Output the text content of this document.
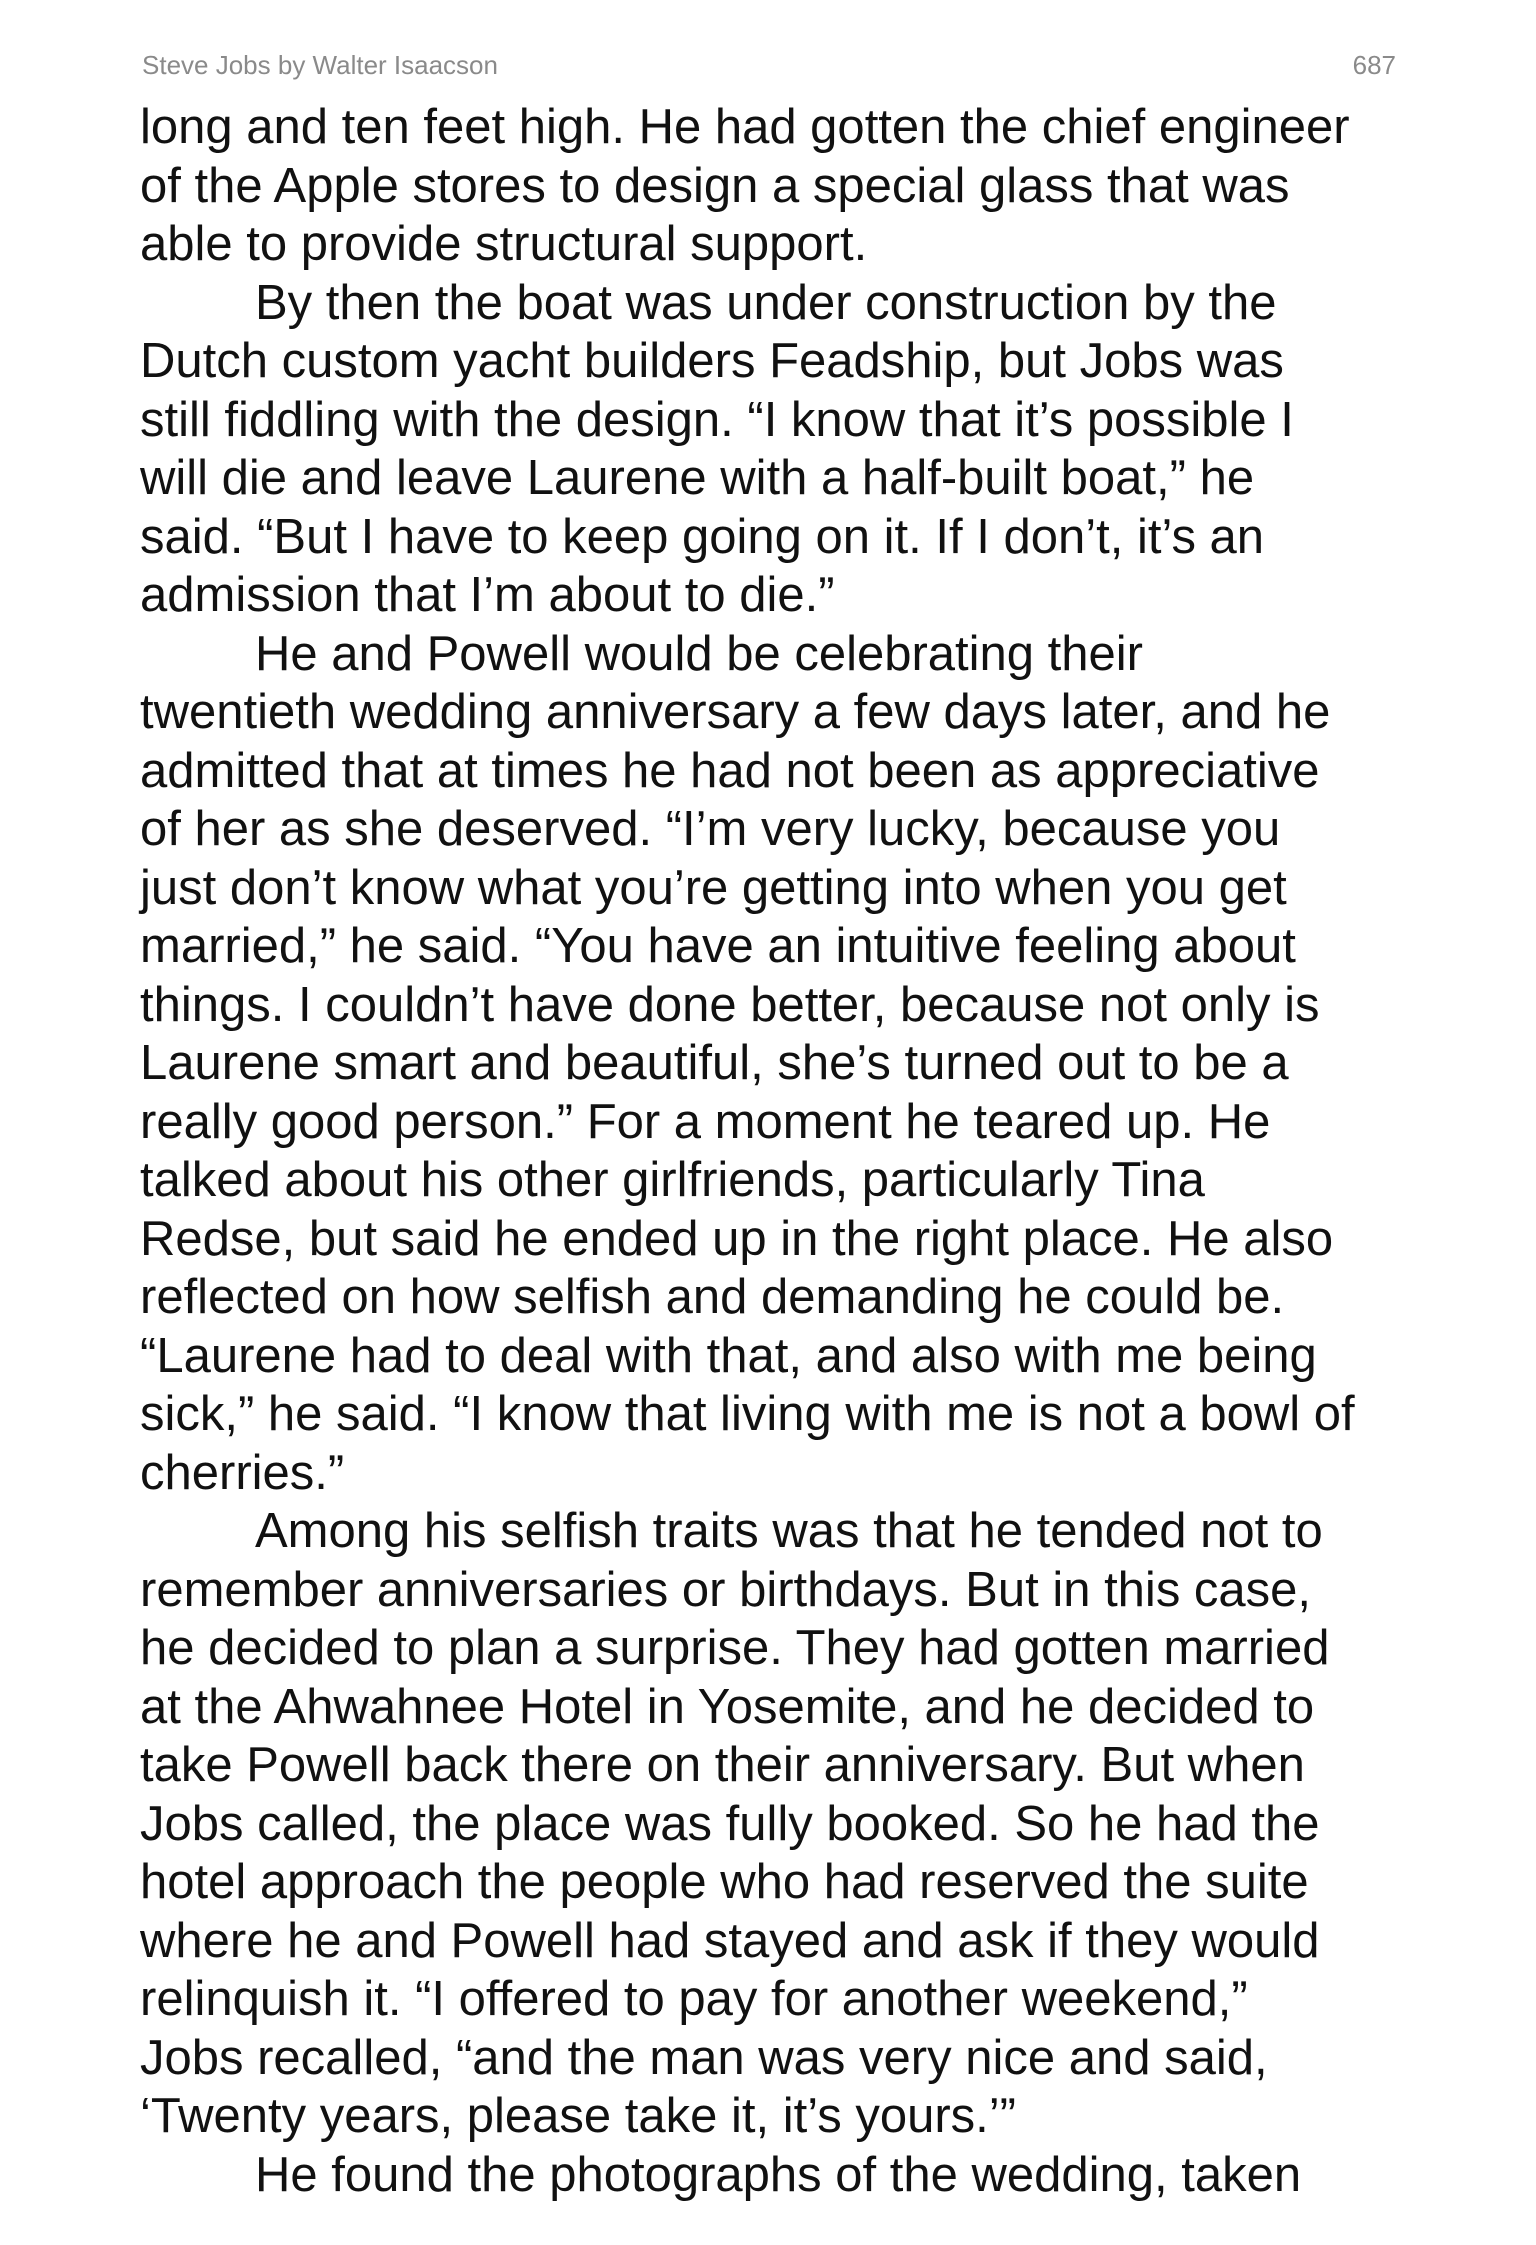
Steve Jobs by Walter Isaacson	687
long and ten feet high. He had gotten the chief engineer
of the Apple stores to design a special glass that was
able to provide structural support.
By then the boat was under construction by the
Dutch custom yacht builders Feadship, but Jobs was
still fiddling with the design. “I know that it’s possible I
will die and leave Laurene with a half-built boat,” he
said. “But I have to keep going on it. If I don’t, it’s an
admission that I’m about to die.”
He and Powell would be celebrating their
twentieth wedding anniversary a few days later, and he
admitted that at times he had not been as appreciative
of her as she deserved. “I’m very lucky, because you
just don’t know what you’re getting into when you get
married,” he said. “You have an intuitive feeling about
things. I couldn’t have done better, because not only is
Laurene smart and beautiful, she’s turned out to be a
really good person.” For a moment he teared up. He
talked about his other girlfriends, particularly Tina
Redse, but said he ended up in the right place. He also
reflected on how selfish and demanding he could be.
“Laurene had to deal with that, and also with me being
sick,” he said. “I know that living with me is not a bowl of
cherries.”
Among his selfish traits was that he tended not to
remember anniversaries or birthdays. But in this case,
he decided to plan a surprise. They had gotten married
at the Ahwahnee Hotel in Yosemite, and he decided to
take Powell back there on their anniversary. But when
Jobs called, the place was fully booked. So he had the
hotel approach the people who had reserved the suite
where he and Powell had stayed and ask if they would
relinquish it. “I offered to pay for another weekend,”
Jobs recalled, “and the man was very nice and said,
‘Twenty years, please take it, it’s yours.’”
He found the photographs of the wedding, taken
